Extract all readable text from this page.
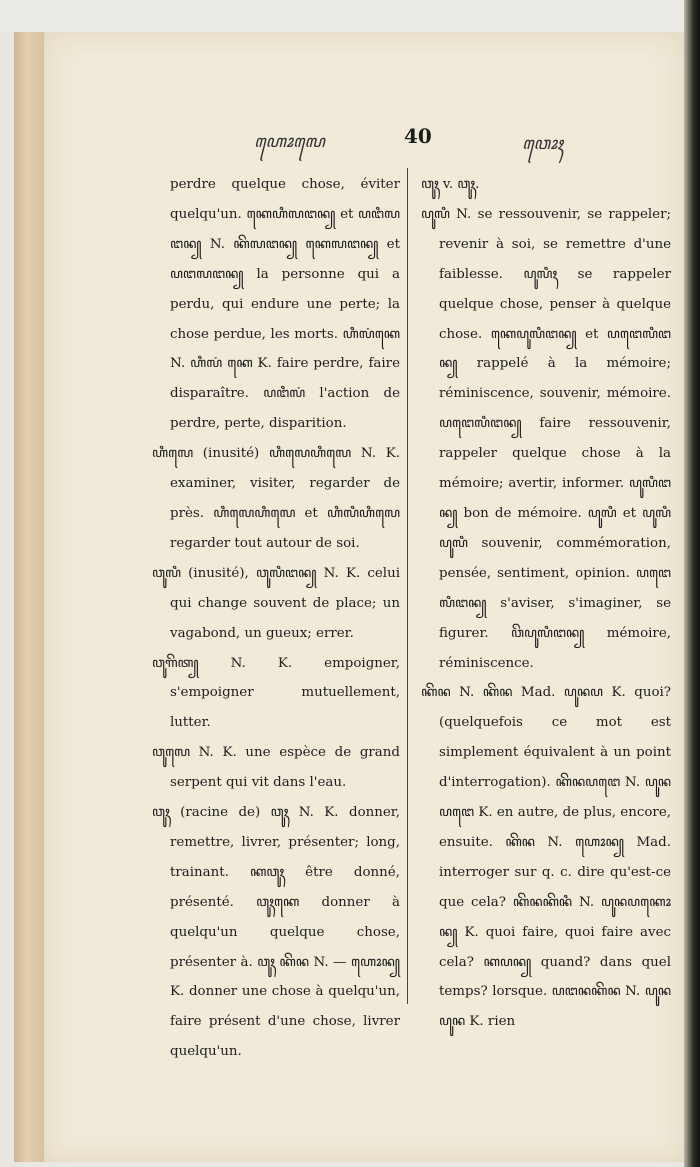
ꦲꦺꦴꦭꦺ	40	ꦮꦺꦴꦃ

perdre quelque chose, éviter quelqu'un. ꦏꦺꦲꦶꦭꦔꦤ꧀ et ꦥꦔꦶꦭꦔꦤ꧀ N. ꦏꦼꦭꦔꦤ꧀ ꦏꦺꦭꦔꦤ꧀ et ꦥꦔꦭꦔꦤ꧀ la personne qui a perdu, qui endure une perte; la chose perdue, les morts. ꦲꦶꦭꦁꦏꦺ N. ꦲꦶꦭꦁ ꦏꦺ K. faire perdre, faire disparaître. ꦥꦔꦶꦭꦁ l'action de perdre, perte, disparition.

ꦲꦶꦭꦺ (inusité) ꦲꦶꦭꦺꦲꦶꦭꦺ N. K. examiner, visiter, regarder de près. ꦲꦶꦭꦺꦲꦶꦭꦺ et ꦲꦶꦭꦶꦲꦶꦭꦺ regarder tout autour de soi.

ꦮꦸꦭꦶ (inusité), ꦮꦸꦭꦶꦔꦤ꧀ N. K. celui qui change souvent de place; un vagabond, un gueux; errer.

ꦮꦸꦒꦼꦠ꧀ N. K. empoigner, s'empoigner mutuellement, lutter.

ꦮꦸꦭꦺ N. K. une espèce de grand serpent qui vit dans l'eau.

ꦮꦸꦃ (racine de) ꦮꦸꦃ N. K. donner, remettre, livrer, présenter; long, trainant. ꦏꦮꦸꦃ être donné, présenté. ꦮꦸꦃꦏꦺ donner à quelqu'un quelque chose, présenter à. ꦮꦸꦃ ꦏꦼꦤ N. — ꦲꦺꦴꦤ꧀ K. donner une chose à quelqu'un, faire présent d'une chose, livrer quelqu'un.

ꦮꦸꦃ v. ꦮꦸꦃ.

ꦥꦸꦭꦶ N. se ressouvenir, se rappeler; revenir à soi, se remettre d'une faiblesse. ꦥꦸꦭꦶꦃ se rappeler quelque chose, penser à quelque chose. ꦏꦺꦥꦸꦭꦶꦔꦤ꧀ et ꦥꦔꦺꦭꦶꦔꦤ꧀ rappelé à la mémoire; réminiscence, souvenir, mémoire. ꦥꦔꦺꦭꦶꦔꦤ꧀ faire ressouvenir, rappeler quelque chose à la mémoire; avertir, informer. ꦥꦸꦭꦶꦔꦤ꧀ bon de mémoire. ꦥꦸꦭꦶ et ꦥꦸꦭꦶꦥꦸꦭꦶ souvenir, commémoration, pensée, sentiment, opinion. ꦥꦔꦺꦭꦶꦔꦤ꧀ s'aviser, s'imaginer, se figurer. ꦮꦼꦥꦸꦭꦶꦔꦤ꧀ mémoire, réminiscence.

ꦏꦼꦤ N. ꦏꦼꦤ Mad. ꦥꦸꦤꦥ K. quoi? (quelquefois ce mot est simplement équivalent à un point d'interrogation). ꦏꦼꦤꦥꦔꦺ N. ꦥꦸꦤꦥꦔꦺ K. en autre, de plus, encore, ensuite. ꦏꦼꦤ N. ꦲꦺꦴꦤ꧀ Mad. interroger sur q. c. dire qu'est-ce que cela? ꦏꦼꦤꦏꦼꦤꦶ N. ꦥꦸꦤꦥꦏꦺꦴꦤ꧀ K. quoi faire, quoi faire avec cela? ꦏꦥꦤ꧀ quand? dans quel temps? lorsque. ꦥꦔꦤꦏꦼꦤ N. ꦥꦸꦤꦥꦸꦤ K. rien
